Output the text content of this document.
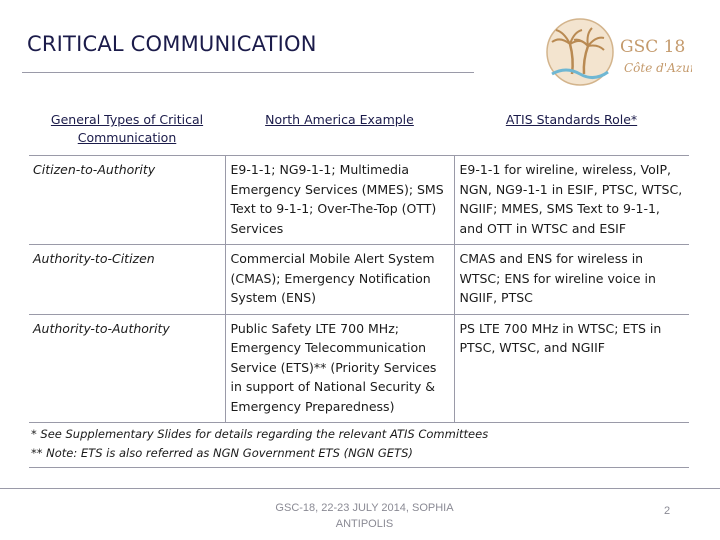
CRITICAL COMMUNICATION	GSC 18
Côte d'Azur
General Types of Critical Communication	North America Example	ATIS Standards Role*
Citizen-to-Authority	E9-1-1; NG9-1-1; Multimedia Emergency Services (MMES); SMS Text to 9-1-1; Over-The-Top (OTT) Services	E9-1-1 for wireline, wireless, VoIP, NGN, NG9-1-1 in ESIF, PTSC, WTSC, NGIIF; MMES, SMS Text to 9-1-1, and OTT in WTSC and ESIF
Authority-to-Citizen	Commercial Mobile Alert System (CMAS); Emergency Notification System (ENS)	CMAS and ENS for wireless in WTSC; ENS for wireline voice in NGIIF, PTSC
Authority-to-Authority	Public Safety LTE 700 MHz; Emergency Telecommunication Service (ETS)** (Priority Services in support of National Security & Emergency Preparedness)	PS LTE 700 MHz in WTSC; ETS in PTSC, WTSC, and NGIIF

* See Supplementary Slides for details regarding the relevant ATIS Committees
** Note: ETS is also referred as NGN Government ETS (NGN GETS)		
GSC-18, 22-23 JULY 2014, SOPHIA ANTIPOLIS
2
